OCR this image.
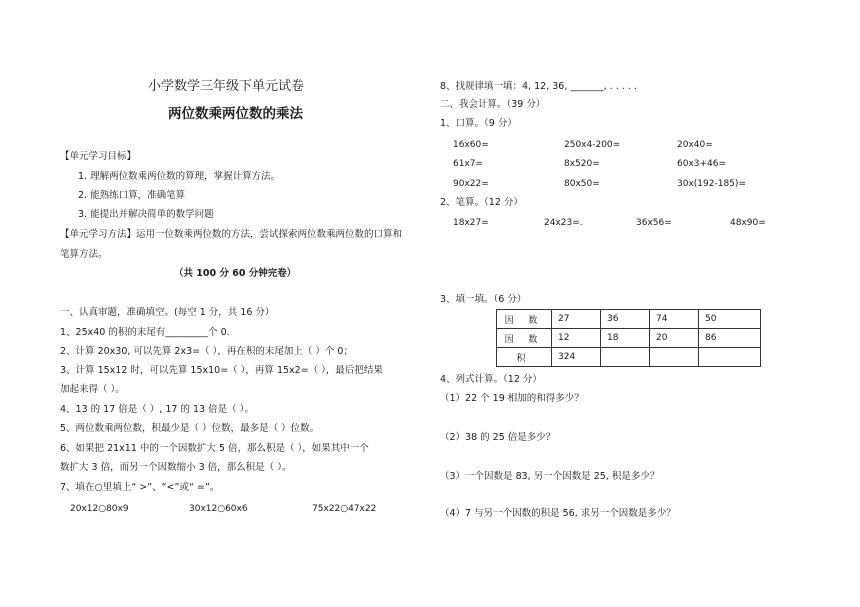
小学数学三年级下单元试卷
两位数乘两位数的乘法
【单元学习目标】
1. 理解两位数乘两位数的算理，掌握计算方法。
2. 能熟练口算，准确笔算
3. 能提出并解决简单的数学问题
【单元学习方法】运用一位数乘两位数的方法，尝试探索两位数乘两位数的口算和
笔算方法。
（共 100 分 60 分钟完卷）
一、认真审题，准确填空。(每空 1 分，共 16 分）
1、25x40 的积的末尾有_________个 0.
2、计算 20x30, 可以先算 2x3=（ ），再在积的末尾加上（ ）个 0；
3、计算 15x12 时，可以先算 15x10=（ ），再算 15x2=（ ），最后把结果
加起来得（ ）。
4、13 的 17 倍是（ ）, 17 的 13 倍是（ ）。
5、两位数乘两位数，积最少是（ ）位数，最多是（ ）位数。
6、如果把 21x11 中的一个因数扩大 5 倍，那么积是（ ），如果其中一个
数扩大 3 倍，而另一个因数缩小 3 倍，那么积是（ ）。
7、填在○里填上“ >”、“<”或“ =”。
20x12○80x9	30x12○60x6	75x22○47x22
8、找规律填一填：4, 12, 36, _______, . . . . .
二、我会计算。（39 分）
1、口算。（9 分）
16x60=	250x4-200=	20x40=
61x7=	8x520=	60x3+46=
90x22=	80x50=	30x(192-185)=
2、笔算。（12 分）
18x27=	24x23=.	36x56=	48x90=
3、填一填。（6 分）
因 数	27	36	74	50
因 数	12	18	20	86
积	324			
4、列式计算。（12 分）
（1）22 个 19 相加的和得多少？
（2）38 的 25 倍是多少？
（3）一个因数是 83, 另一个因数是 25, 积是多少？
（4）7 与另一个因数的积是 56, 求另一个因数是多少？
